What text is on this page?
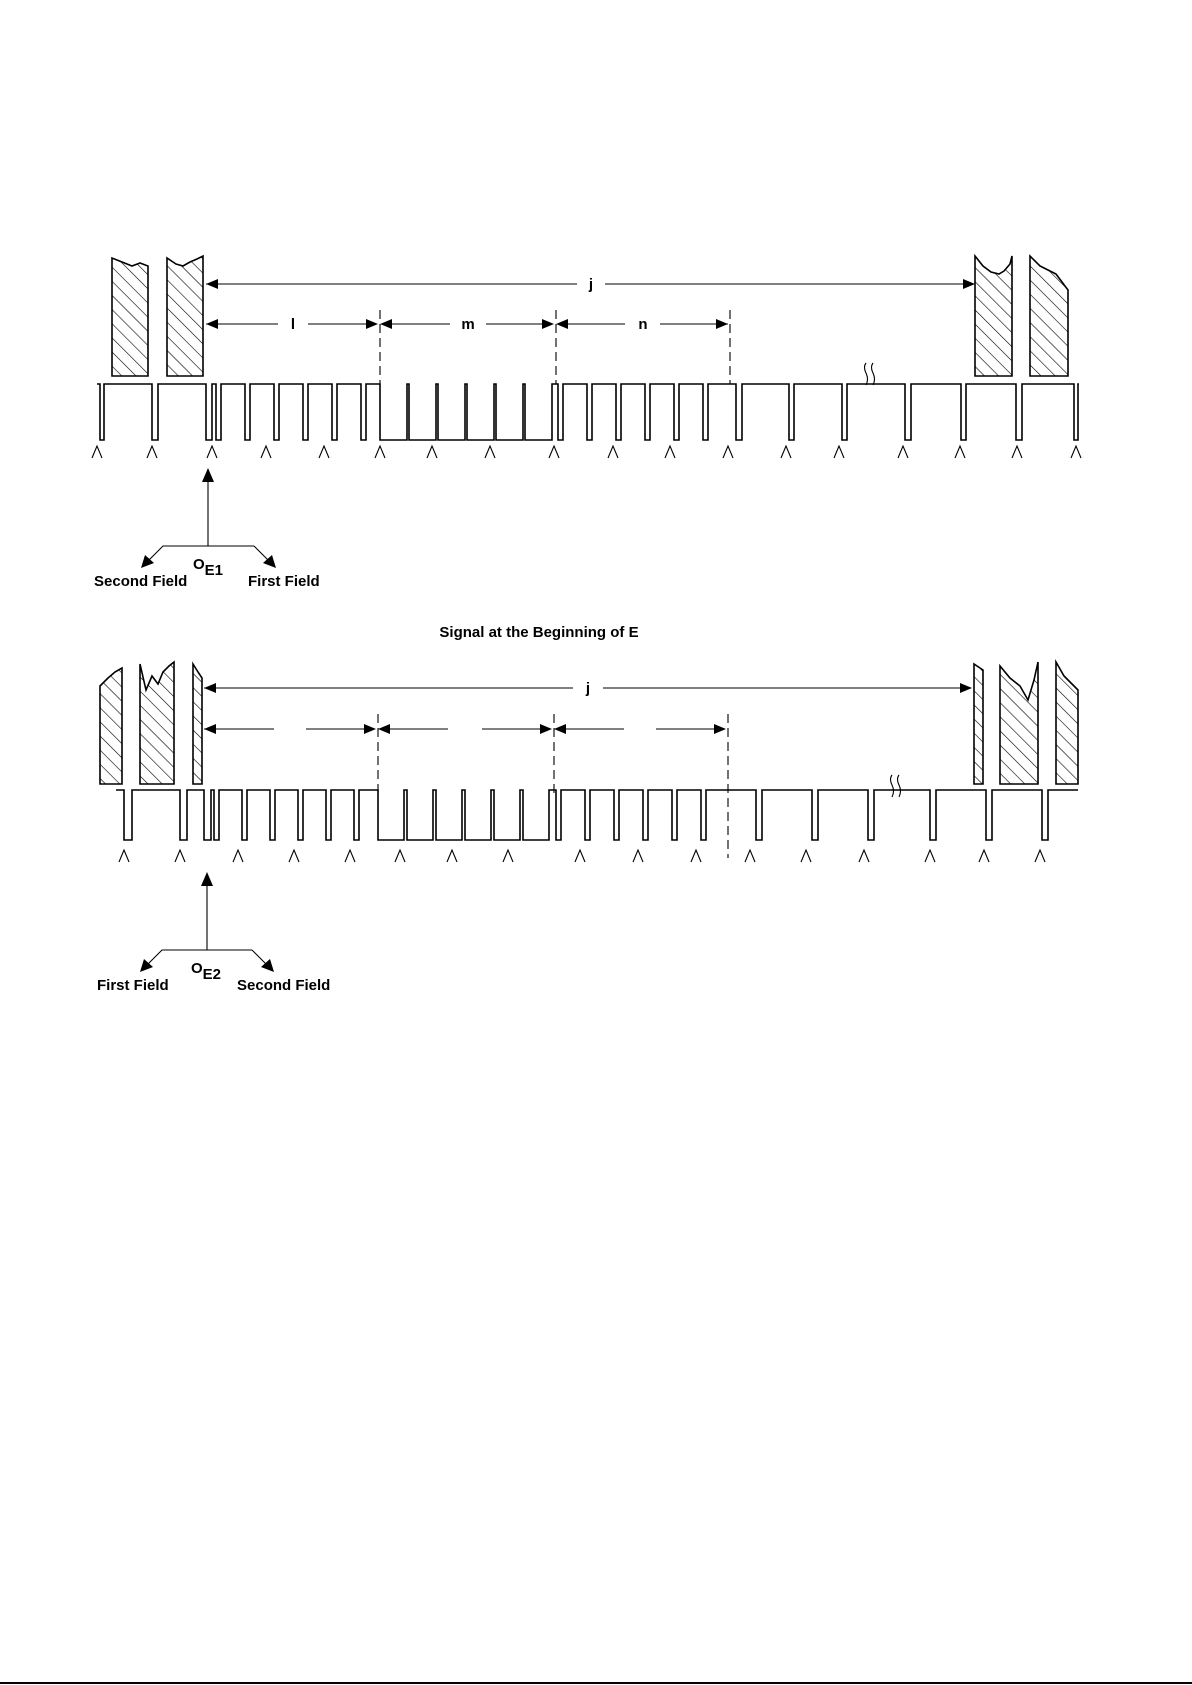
j
l	m	n
OE1
Second Field	First Field
Signal at the Beginning of E
j
OE2
First Field	Second Field
